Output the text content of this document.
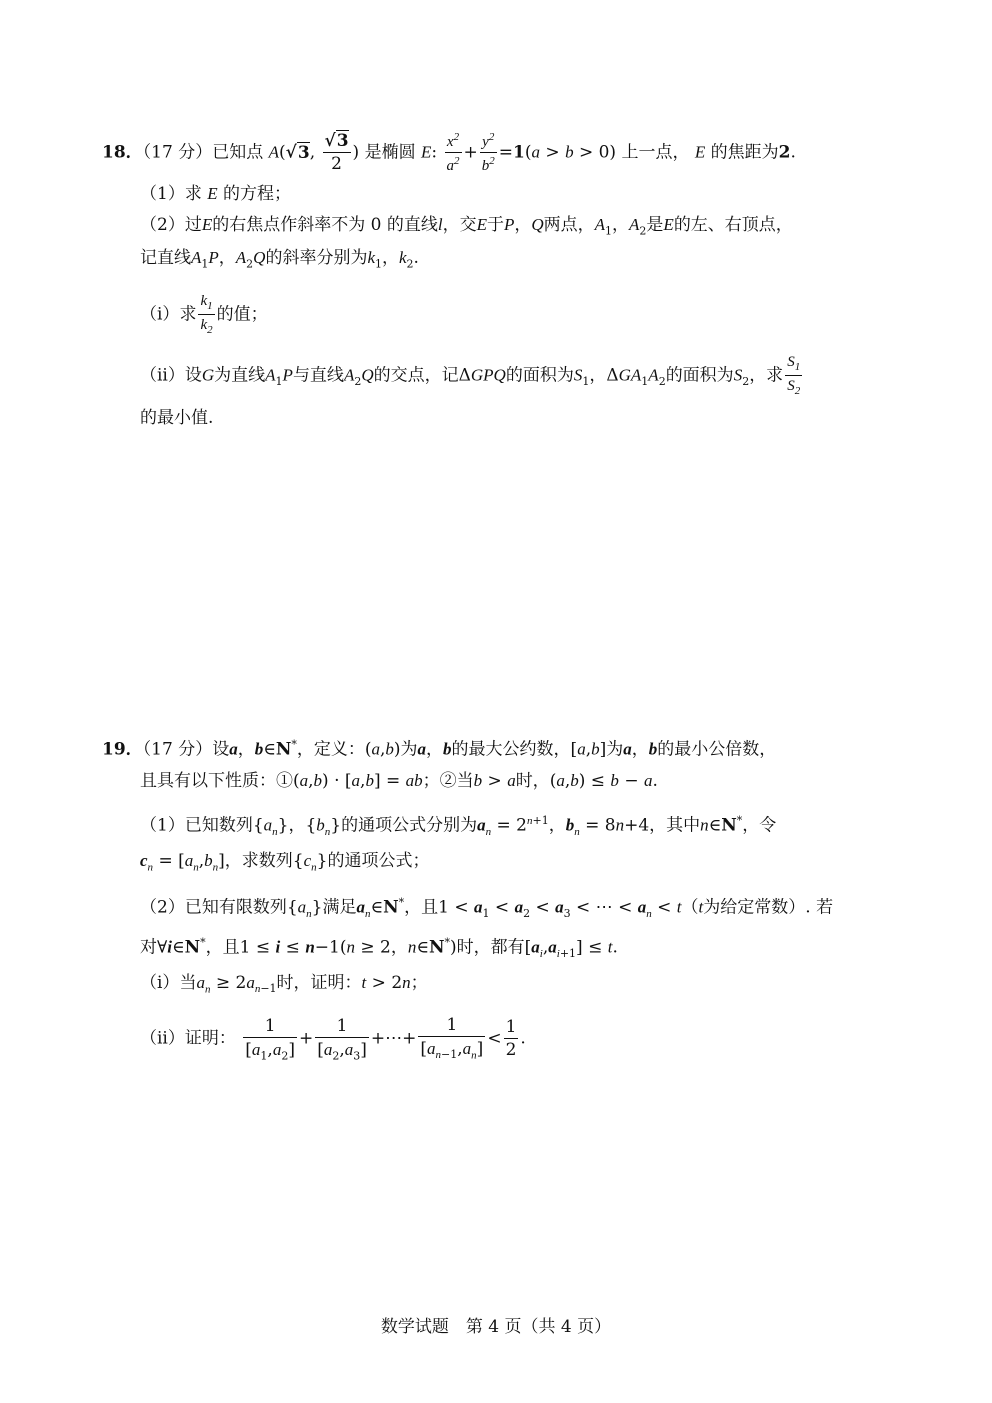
18．（17 分）已知点 A(√3, $\frac{√3}{2}$ ) 是椭圆 E: $\frac{x^2}{a^2} + \frac{y^2}{b^2} =1(a > b > 0)$ 上一点， E 的焦距为2.
（1）求 E 的方程；
（2）过E的右焦点作斜率不为 0 的直线l，交E于P，Q两点，$A_1$，$A_2$是E的左、右顶点，
记直线$A_1P$，$A_2Q$的斜率分别为$k_1$，$k_2$.
（i）求 $\frac{k_1}{k_2}$ 的值；
（ii）设G为直线$A_1P$与直线$A_2Q$的交点，记ΔGPQ的面积为$S_1$，$\Delta GA_1A_2$的面积为$S_2$，求 $\frac{S_1}{S_2}$
的最小值.
19．（17 分）设a，b∈N*，定义：(a,b)为a，b的最大公约数，[a,b]为a，b的最小公倍数，
且具有以下性质：①(a,b) · [a,b] = ab；②当b > a时，(a,b) ≤ b − a.
（1）已知数列$\{a_n\}$，$\{b_n\}$的通项公式分别为$a_n = 2^{n+1}$，$b_n = 8n+4$，其中n∈N*，令
$c_n = [a_n,b_n]$，求数列$\{c_n\}$的通项公式；
（2）已知有限数列$\{a_n\}$满足$a_n\in N^*$，且$1 < a_1 < a_2 < a_3$ < ⋯ < $a_n < t(t$为给定常数）. 若
对∀i∈N*，且1 ≤ i ≤ n−1(n ≥ 2，n∈N*)时，都有$[a_i,a_{i+1}] \le t$.
（i）当$a_n \ge 2a_{n-1}$时，证明：t > 2n；
（ii）证明： $\frac{1}{[a_1,a_2]} + \frac{1}{[a_2,a_3]}$ +⋯+ $\frac{1}{[a_{n-1},a_n]} < \frac{1}{2}$ .
数学试题　第 4 页（共 4 页）
